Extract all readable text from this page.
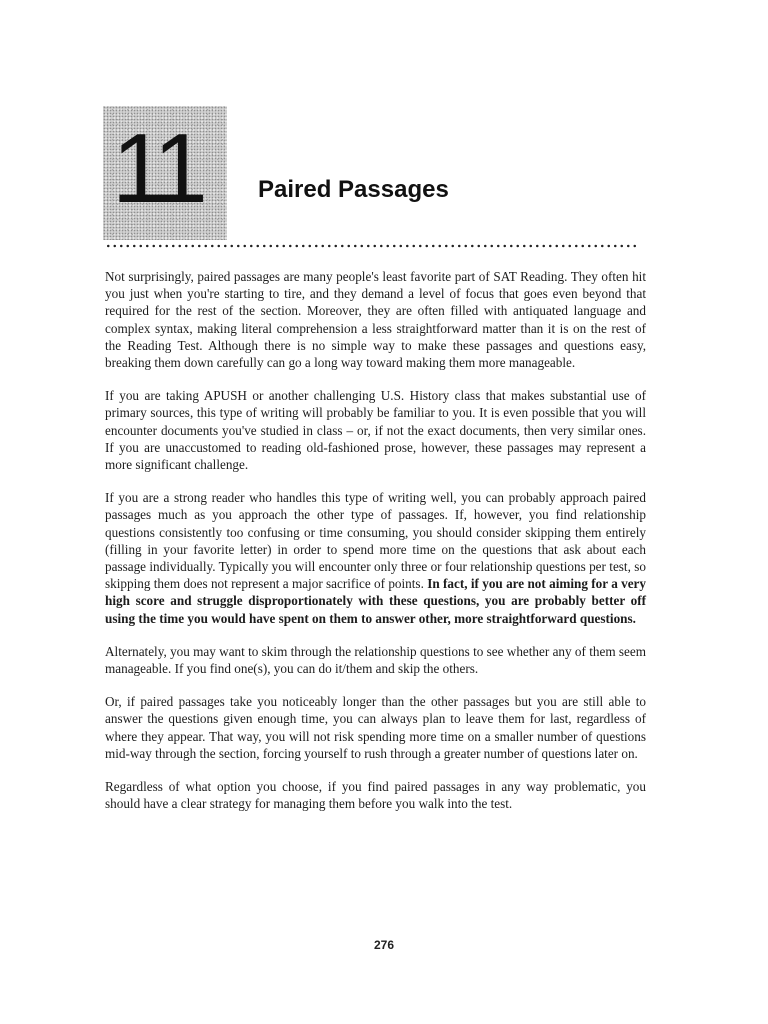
11	Paired Passages

Not surprisingly, paired passages are many people's least favorite part of SAT Reading. They often hit you just when you're starting to tire, and they demand a level of focus that goes even beyond that required for the rest of the section. Moreover, they are often filled with antiquated language and complex syntax, making literal comprehension a less straightforward matter than it is on the rest of the Reading Test. Although there is no simple way to make these passages and questions easy, breaking them down carefully can go a long way toward making them more manageable.

If you are taking APUSH or another challenging U.S. History class that makes substantial use of primary sources, this type of writing will probably be familiar to you. It is even possible that you will encounter documents you've studied in class – or, if not the exact documents, then very similar ones. If you are unaccustomed to reading old-fashioned prose, however, these passages may represent a more significant challenge.

If you are a strong reader who handles this type of writing well, you can probably approach paired passages much as you approach the other type of passages. If, however, you find relationship questions consistently too confusing or time consuming, you should consider skipping them entirely (filling in your favorite letter) in order to spend more time on the questions that ask about each passage individually. Typically you will encounter only three or four relationship questions per test, so skipping them does not represent a major sacrifice of points. In fact, if you are not aiming for a very high score and struggle disproportionately with these questions, you are probably better off using the time you would have spent on them to answer other, more straightforward questions.

Alternately, you may want to skim through the relationship questions to see whether any of them seem manageable. If you find one(s), you can do it/them and skip the others.

Or, if paired passages take you noticeably longer than the other passages but you are still able to answer the questions given enough time, you can always plan to leave them for last, regardless of where they appear. That way, you will not risk spending more time on a smaller number of questions mid-way through the section, forcing yourself to rush through a greater number of questions later on.

Regardless of what option you choose, if you find paired passages in any way problematic, you should have a clear strategy for managing them before you walk into the test.

276
